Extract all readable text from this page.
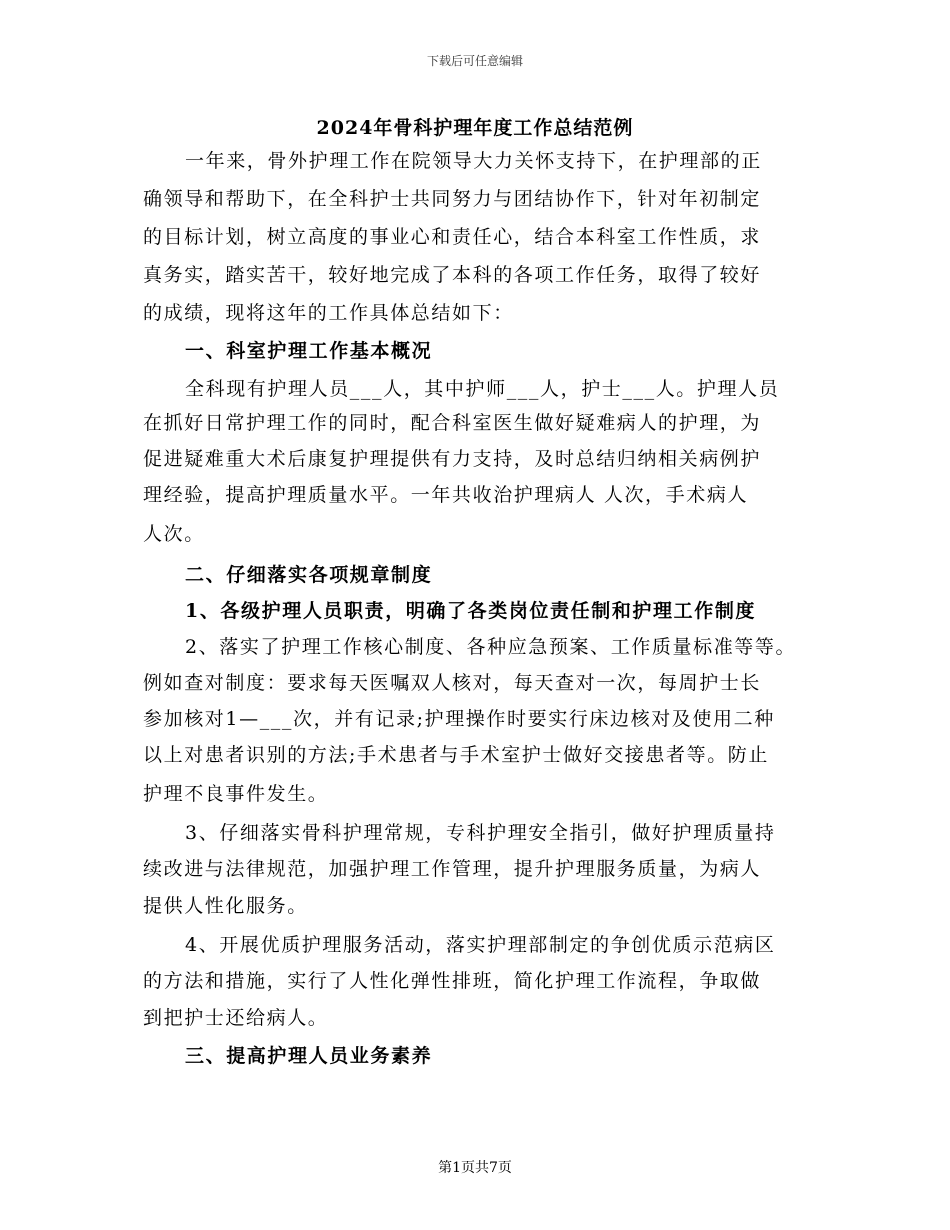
下载后可任意编辑
2024年骨科护理年度工作总结范例
一年来，骨外护理工作在院领导大力关怀支持下，在护理部的正
确领导和帮助下，在全科护士共同努力与团结协作下，针对年初制定
的目标计划，树立高度的事业心和责任心，结合本科室工作性质，求
真务实，踏实苦干，较好地完成了本科的各项工作任务，取得了较好
的成绩，现将这年的工作具体总结如下：
一、科室护理工作基本概况
全科现有护理人员___人，其中护师___人，护士___人。护理人员
在抓好日常护理工作的同时，配合科室医生做好疑难病人的护理，为
促进疑难重大术后康复护理提供有力支持，及时总结归纳相关病例护
理经验，提高护理质量水平。一年共收治护理病人 人次，手术病人
人次。
二、仔细落实各项规章制度
1、各级护理人员职责，明确了各类岗位责任制和护理工作制度
2、落实了护理工作核心制度、各种应急预案、工作质量标准等等。
例如查对制度：要求每天医嘱双人核对，每天查对一次，每周护士长
参加核对1—___次，并有记录;护理操作时要实行床边核对及使用二种
以上对患者识别的方法;手术患者与手术室护士做好交接患者等。防止
护理不良事件发生。
3、仔细落实骨科护理常规，专科护理安全指引，做好护理质量持
续改进与法律规范，加强护理工作管理，提升护理服务质量，为病人
提供人性化服务。
4、开展优质护理服务活动，落实护理部制定的争创优质示范病区
的方法和措施，实行了人性化弹性排班，简化护理工作流程，争取做
到把护士还给病人。
三、提高护理人员业务素养
第1页共7页
